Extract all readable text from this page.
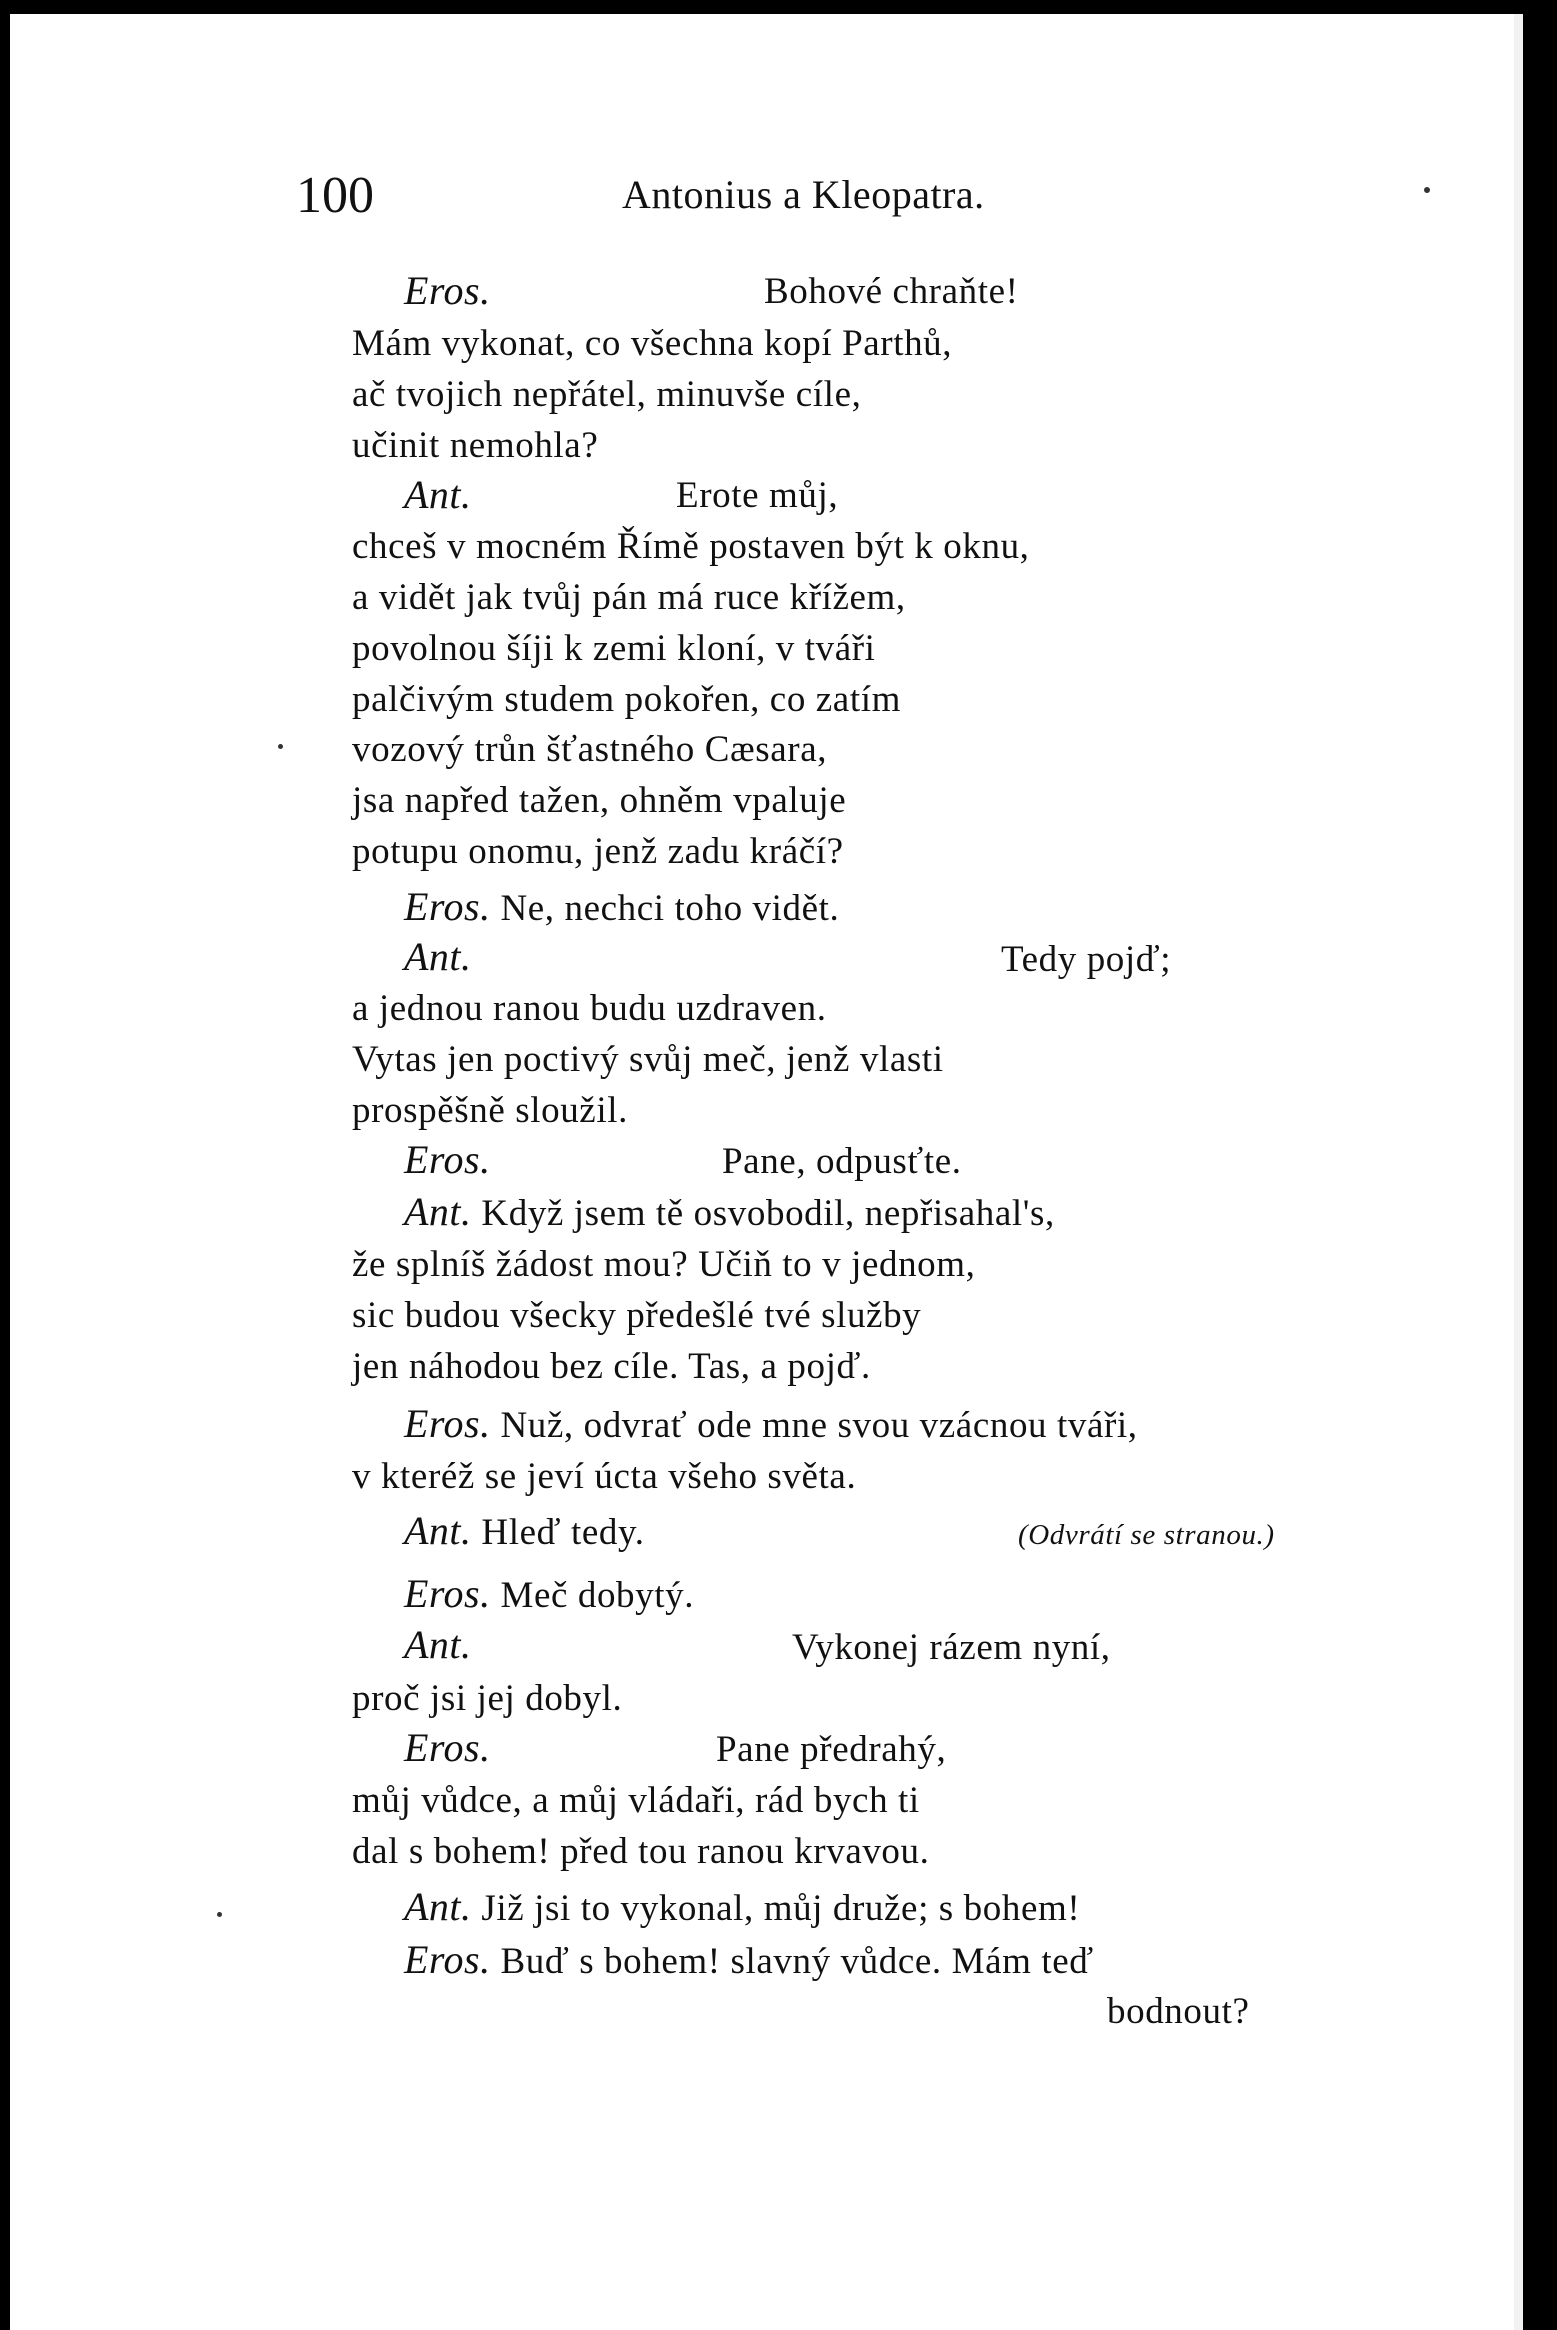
100	Antonius a Kleopatra.
Eros.	Bohové chraňte!
Mám vykonat, co všechna kopí Parthů,
ač tvojich nepřátel, minuvše cíle,
učinit nemohla?
Ant.	Erote můj,
chceš v mocném Římě postaven být k oknu,
a vidět jak tvůj pán má ruce křížem,
povolnou šíji k zemi kloní, v tváři
palčivým studem pokořen, co zatím
vozový trůn šťastného Cæsara,
jsa napřed tažen, ohněm vpaluje
potupu onomu, jenž zadu kráčí?
Eros. Ne, nechci toho vidět.
Ant.	Tedy pojď;
a jednou ranou budu uzdraven.
Vytas jen poctivý svůj meč, jenž vlasti
prospěšně sloužil.
Eros.	Pane, odpusťte.
Ant. Když jsem tě osvobodil, nepřisahal's,
že splníš žádost mou? Učiň to v jednom,
sic budou všecky předešlé tvé služby
jen náhodou bez cíle. Tas, a pojď.
Eros. Nuž, odvrať ode mne svou vzácnou tváři,
v kteréž se jeví úcta všeho světa.
Ant. Hleď tedy.	(Odvrátí se stranou.)
Eros. Meč dobytý.
Ant.	Vykonej rázem nyní,
proč jsi jej dobyl.
Eros.	Pane předrahý,
můj vůdce, a můj vládaři, rád bych ti
dal s bohem! před tou ranou krvavou.
Ant. Již jsi to vykonal, můj druže; s bohem!
Eros. Buď s bohem! slavný vůdce. Mám teď
bodnout?
